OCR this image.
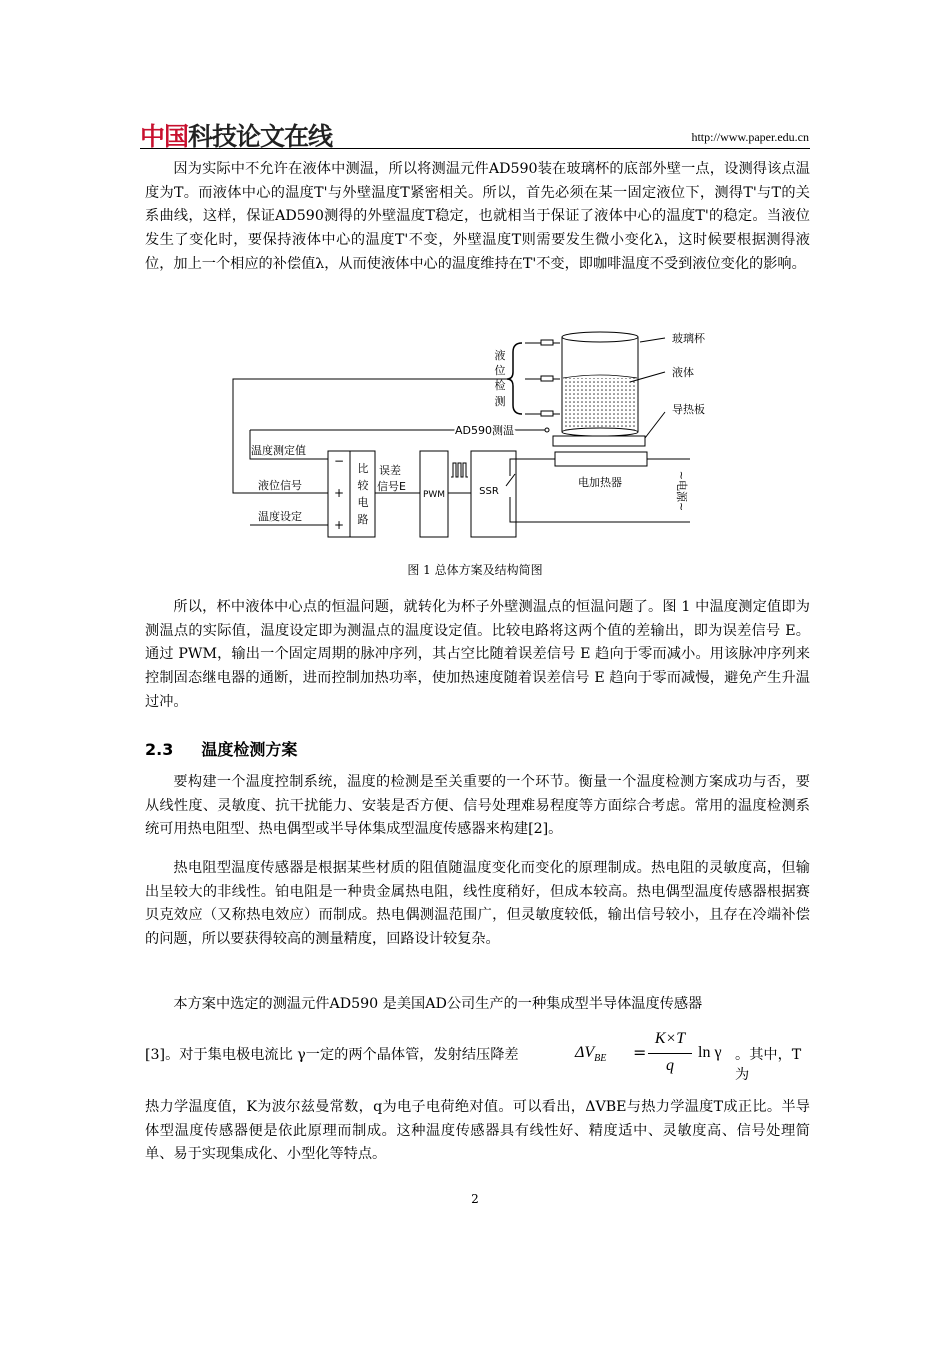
中国科技论文在线	http://www.paper.edu.cn

因为实际中不允许在液体中测温，所以将测温元件AD590装在玻璃杯的底部外壁一点，设测得该点温度为T。而液体中心的温度T'与外壁温度T紧密相关。所以，首先必须在某一固定液位下，测得T'与T的关系曲线，这样，保证AD590测得的外壁温度T稳定，也就相当于保证了液体中心的温度T'的稳定。当液位发生了变化时，要保持液体中心的温度T'不变，外壁温度T则需要发生微小变化λ，这时候要根据测得液位，加上一个相应的补偿值λ，从而使液体中心的温度维持在T'不变，即咖啡温度不受到液位变化的影响。

电加热器
液
位
检
测
玻璃杯
液体
导热板
AD590测温
温度测定值
液位信号
温度设定
−
+
+
比
较
电
路
误差
信号E
PWM	SSR	~电源~
图 1 总体方案及结构简图

所以，杯中液体中心点的恒温问题，就转化为杯子外壁测温点的恒温问题了。图 1 中温度测定值即为测温点的实际值，温度设定即为测温点的温度设定值。比较电路将这两个值的差输出，即为误差信号 E。通过 PWM，输出一个固定周期的脉冲序列，其占空比随着误差信号 E 趋向于零而减小。用该脉冲序列来控制固态继电器的通断，进而控制加热功率，使加热速度随着误差信号 E 趋向于零而减慢，避免产生升温过冲。

2.3 温度检测方案

要构建一个温度控制系统，温度的检测是至关重要的一个环节。衡量一个温度检测方案成功与否，要从线性度、灵敏度、抗干扰能力、安装是否方便、信号处理难易程度等方面综合考虑。常用的温度检测系统可用热电阻型、热电偶型或半导体集成型温度传感器来构建[2]。

热电阻型温度传感器是根据某些材质的阻值随温度变化而变化的原理制成。热电阻的灵敏度高，但输出呈较大的非线性。铂电阻是一种贵金属热电阻，线性度稍好，但成本较高。热电偶型温度传感器根据赛贝克效应（又称热电效应）而制成。热电偶测温范围广，但灵敏度较低，输出信号较小，且存在冷端补偿的问题，所以要获得较高的测量精度，回路设计较复杂。

本方案中选定的测温元件AD590 是美国AD公司生产的一种集成型半导体温度传感器

[3]。对于集电极电流比 γ一定的两个晶体管，发射结压降差	$\Delta V_{BE}$ =
K×T
q
ln γ 。其中，T为

热力学温度值，K为波尔兹曼常数，q为电子电荷绝对值。可以看出，ΔVBE与热力学温度T成正比。半导体型温度传感器便是依此原理而制成。这种温度传感器具有线性好、精度适中、灵敏度高、信号处理简单、易于实现集成化、小型化等特点。

2
